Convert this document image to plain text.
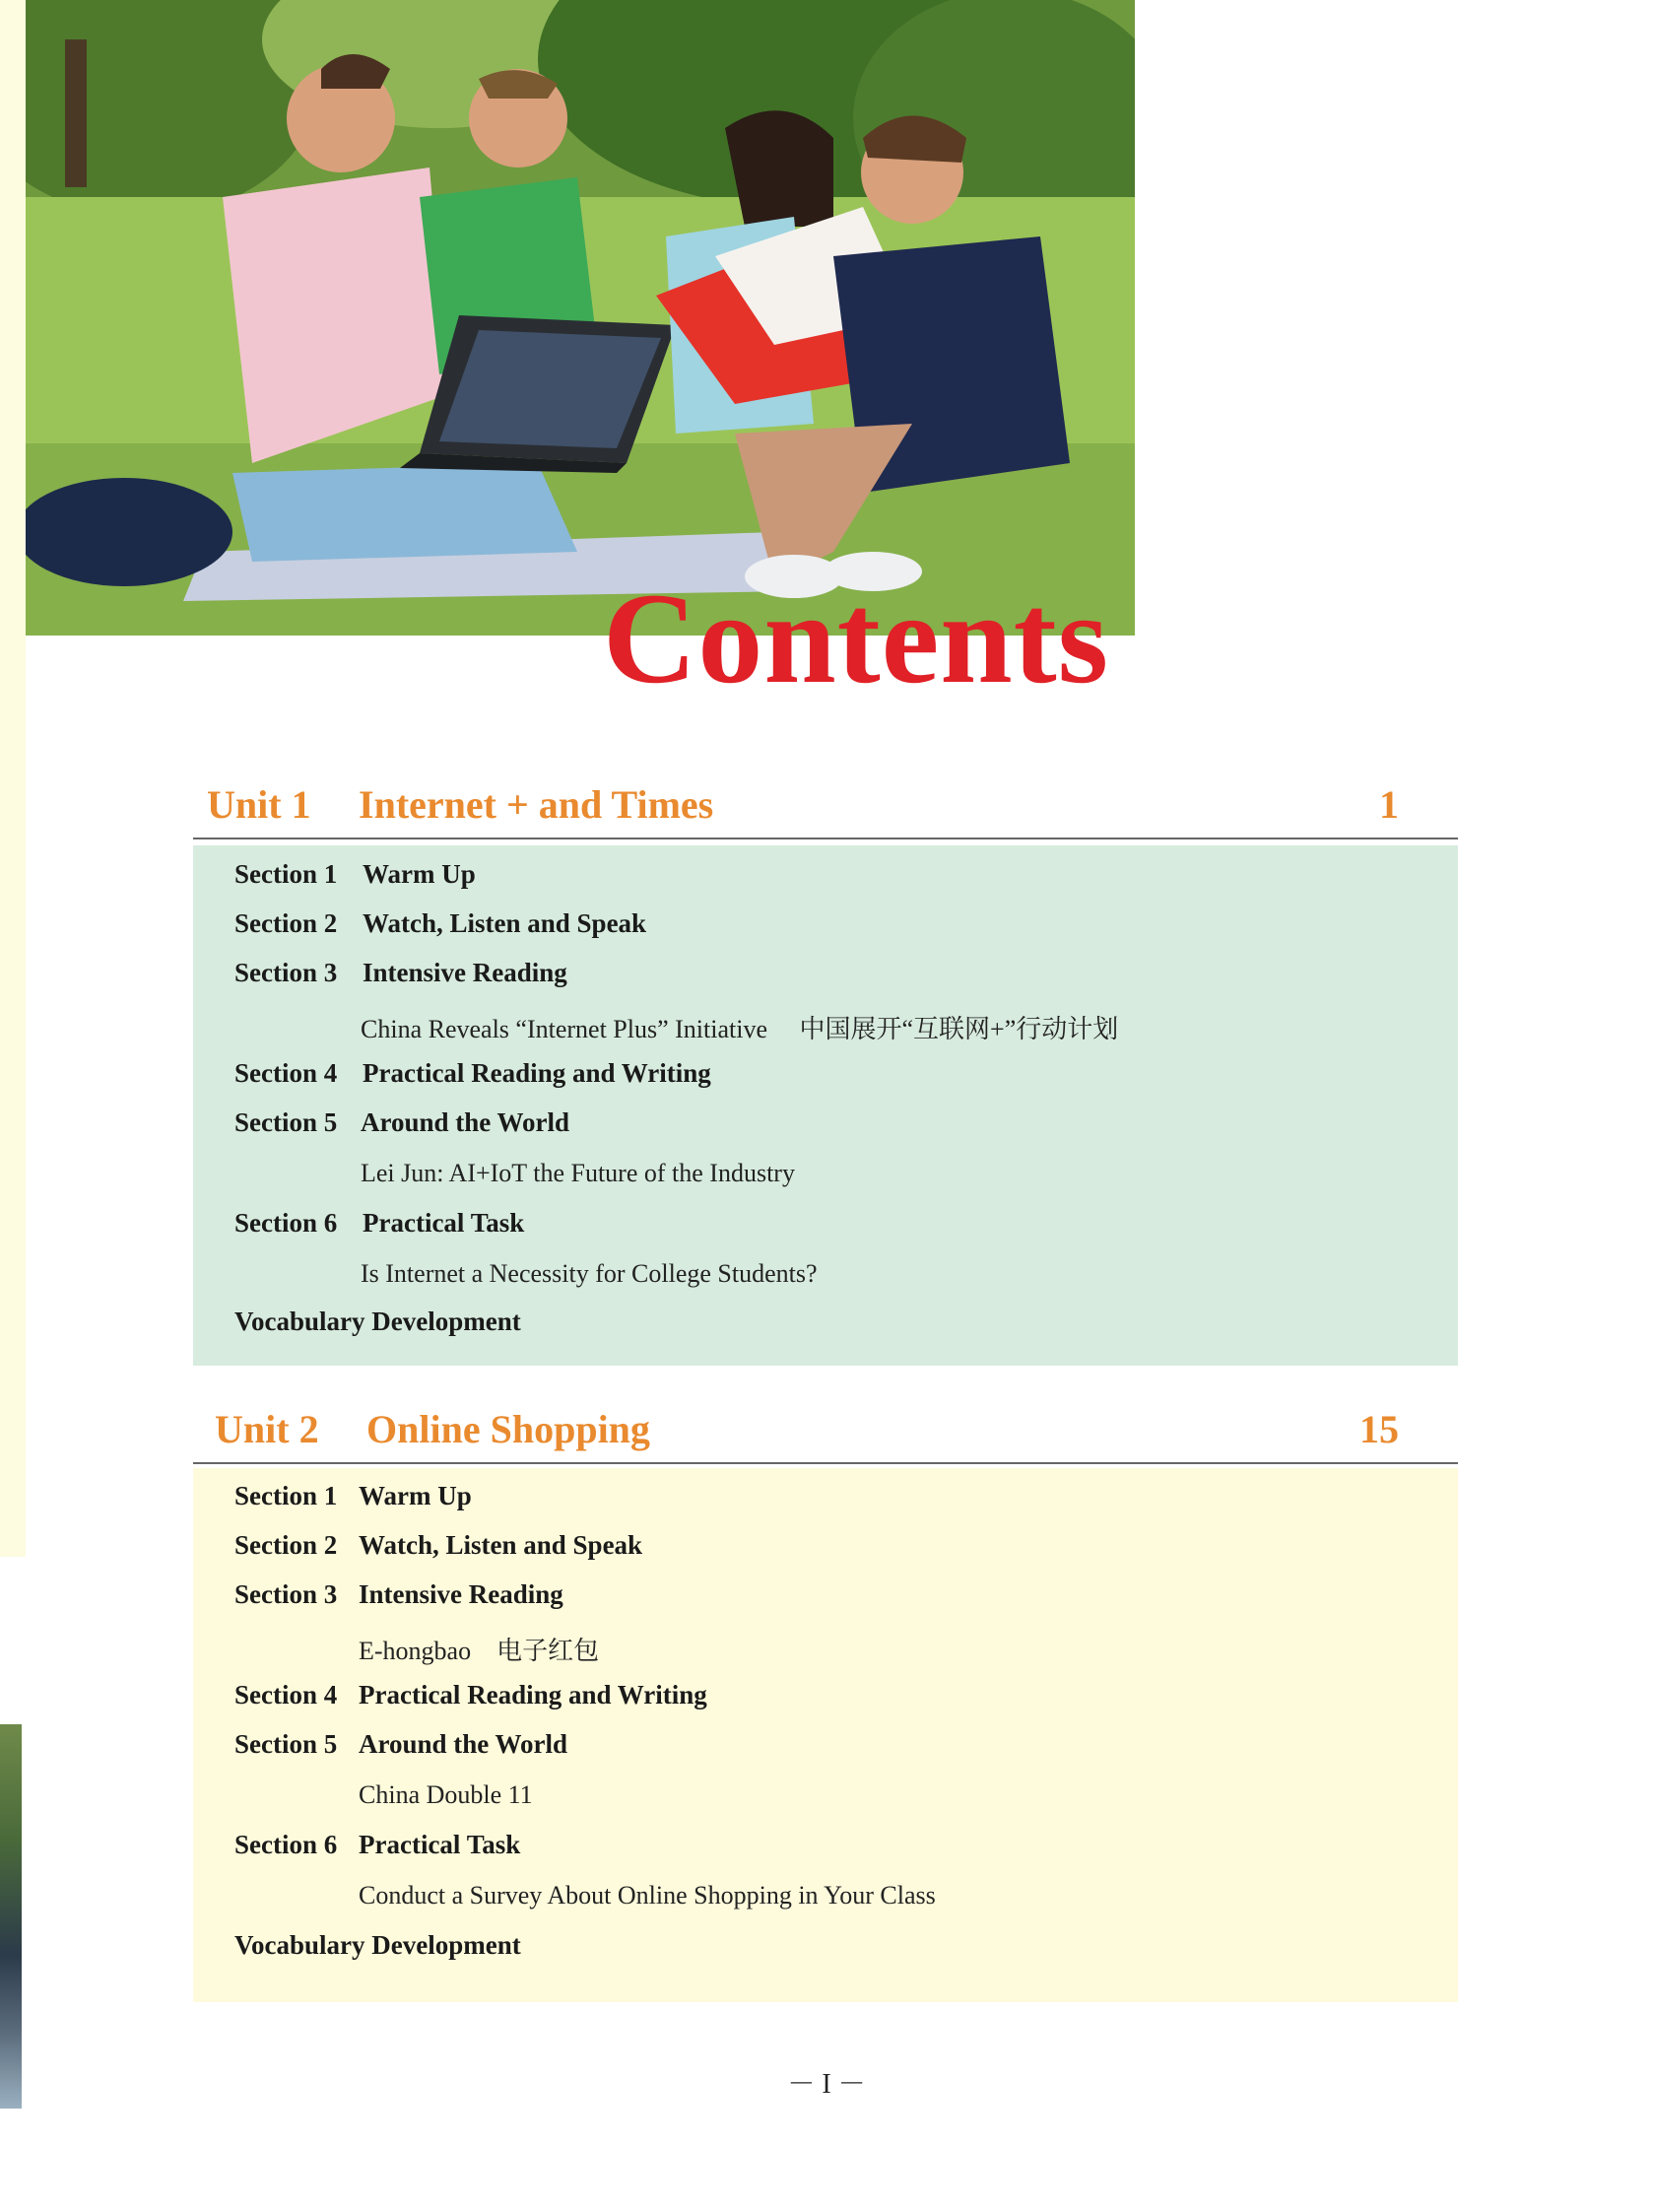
Contents
Unit 1 Internet + and Times	1
Section 1 Warm Up
Section 2 Watch, Listen and Speak
Section 3 Intensive Reading
China Reveals “Internet Plus” Initiative　 中国展开“互联网+”行动计划
Section 4 Practical Reading and Writing
Section 5 Around the World
Lei Jun: AI+IoT the Future of the Industry
Section 6 Practical Task
Is Internet a Necessity for College Students?
Vocabulary Development
Unit 2 Online Shopping	15
Section 1 Warm Up
Section 2 Watch, Listen and Speak
Section 3 Intensive Reading
E-hongbao　电子红包
Section 4 Practical Reading and Writing
Section 5 Around the World
China Double 11
Section 6 Practical Task
Conduct a Survey About Online Shopping in Your Class
Vocabulary Development
－ I －
